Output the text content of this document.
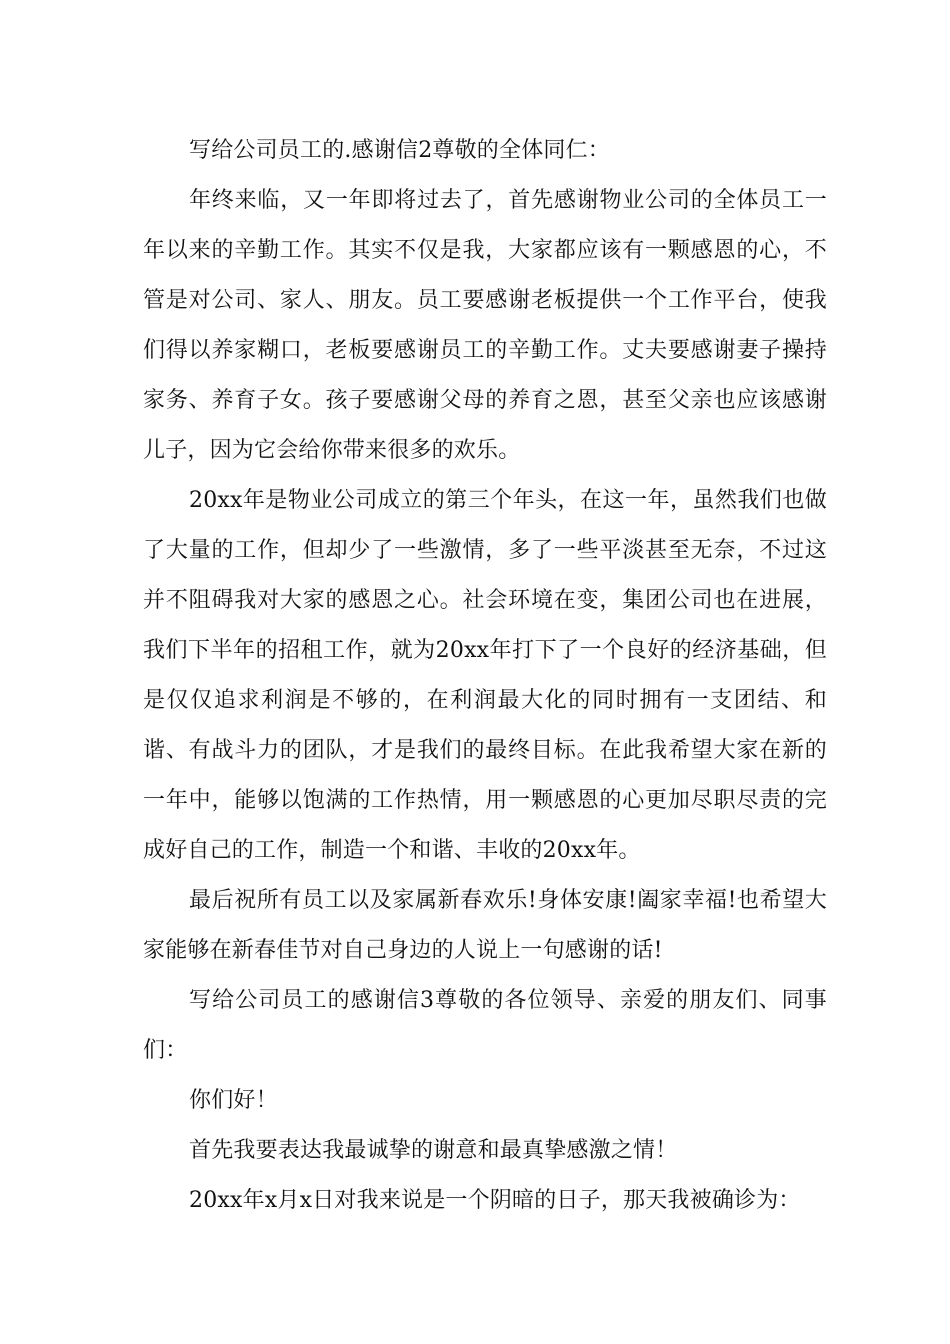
写给公司员工的.感谢信2尊敬的全体同仁：

年终来临，又一年即将过去了，首先感谢物业公司的全体员工一年以来的辛勤工作。其实不仅是我，大家都应该有一颗感恩的心，不管是对公司、家人、朋友。员工要感谢老板提供一个工作平台，使我们得以养家糊口，老板要感谢员工的辛勤工作。丈夫要感谢妻子操持家务、养育子女。孩子要感谢父母的养育之恩，甚至父亲也应该感谢儿子，因为它会给你带来很多的欢乐。

20xx年是物业公司成立的第三个年头，在这一年，虽然我们也做了大量的工作，但却少了一些激情，多了一些平淡甚至无奈，不过这并不阻碍我对大家的感恩之心。社会环境在变，集团公司也在进展，我们下半年的招租工作，就为20xx年打下了一个良好的经济基础，但是仅仅追求利润是不够的，在利润最大化的同时拥有一支团结、和谐、有战斗力的团队，才是我们的最终目标。在此我希望大家在新的一年中，能够以饱满的工作热情，用一颗感恩的心更加尽职尽责的完成好自己的工作，制造一个和谐、丰收的20xx年。

最后祝所有员工以及家属新春欢乐!身体安康!阖家幸福!也希望大家能够在新春佳节对自己身边的人说上一句感谢的话!

写给公司员工的感谢信3尊敬的各位领导、亲爱的朋友们、同事们：

你们好！

首先我要表达我最诚挚的谢意和最真挚感激之情！

20xx年x月x日对我来说是一个阴暗的日子，那天我被确诊为：
